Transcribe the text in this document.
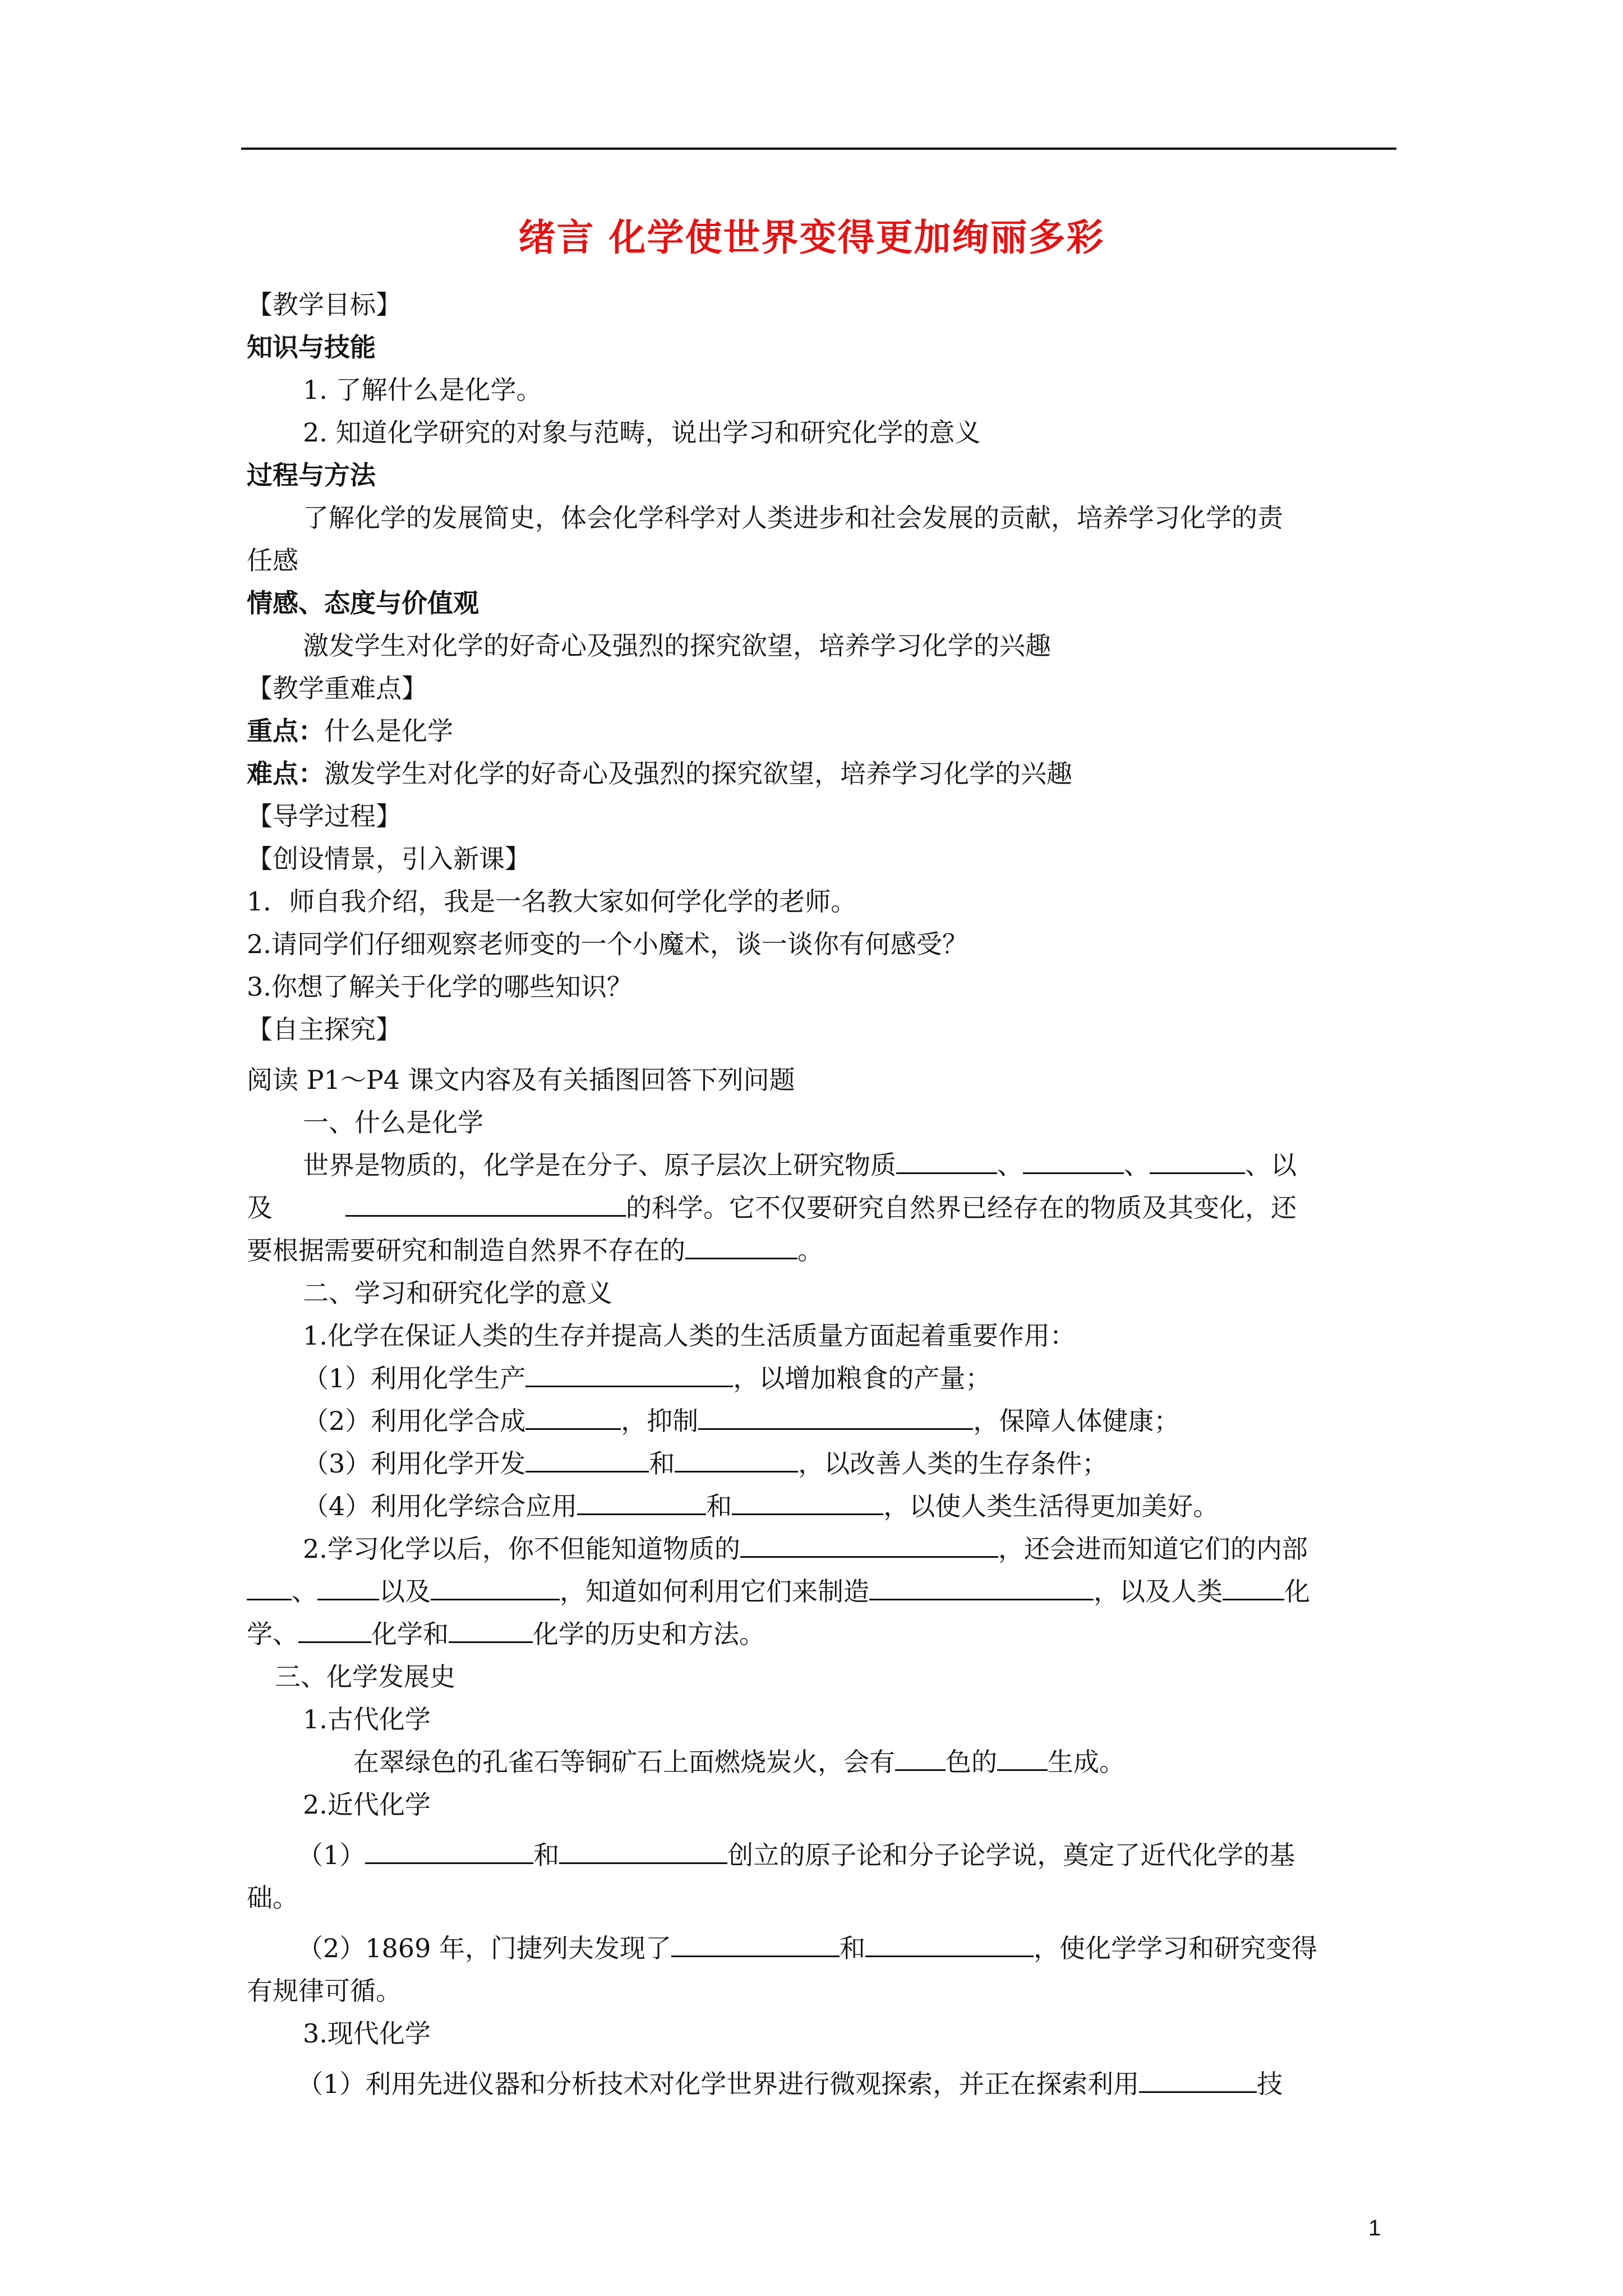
绪言 化学使世界变得更加绚丽多彩
【教学目标】
知识与技能
1. 了解什么是化学。
2. 知道化学研究的对象与范畴，说出学习和研究化学的意义
过程与方法
了解化学的发展简史，体会化学科学对人类进步和社会发展的贡献，培养学习化学的责
任感
情感、态度与价值观
激发学生对化学的好奇心及强烈的探究欲望，培养学习化学的兴趣
【教学重难点】
重点：什么是化学
难点：激发学生对化学的好奇心及强烈的探究欲望，培养学习化学的兴趣
【导学过程】
【创设情景，引入新课】
1．师自我介绍，我是一名教大家如何学化学的老师。
2.请同学们仔细观察老师变的一个小魔术，谈一谈你有何感受？
3.你想了解关于化学的哪些知识？
【自主探究】
阅读 P1～P4 课文内容及有关插图回答下列问题
一、什么是化学
世界是物质的，化学是在分子、原子层次上研究物质	、	、	、以
及	的科学。它不仅要研究自然界已经存在的物质及其变化，还
要根据需要研究和制造自然界不存在的	。
二、学习和研究化学的意义
1.化学在保证人类的生存并提高人类的生活质量方面起着重要作用：
（1）利用化学生产	，以增加粮食的产量；
（2）利用化学合成	，抑制	，保障人体健康；
（3）利用化学开发	和	，以改善人类的生存条件；
（4）利用化学综合应用	和	，以使人类生活得更加美好。
2.学习化学以后，你不但能知道物质的	，还会进而知道它们的内部
、 以及	，知道如何利用它们来制造	，以及人类 化
学、	化学和	化学的历史和方法。
三、化学发展史
1.古代化学
在翠绿色的孔雀石等铜矿石上面燃烧炭火，会有 色的 生成。
2.近代化学
（1）	和	创立的原子论和分子论学说，奠定了近代化学的基
础。
（2）1869 年，门捷列夫发现了	和	，使化学学习和研究变得
有规律可循。
3.现代化学
（1）利用先进仪器和分析技术对化学世界进行微观探索，并正在探索利用	技
1
